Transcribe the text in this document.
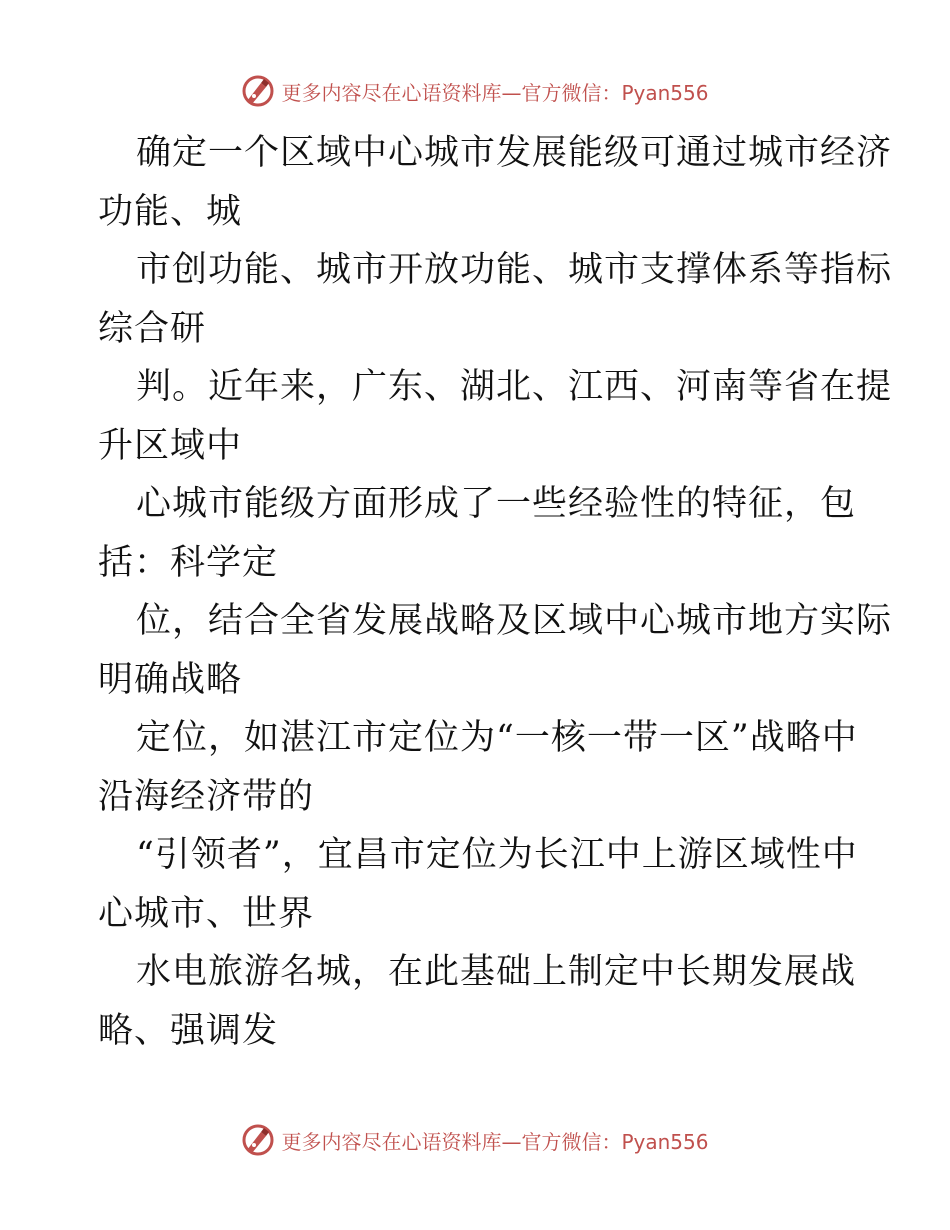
更多内容尽在心语资料库—官方微信：Pyan556
确定一个区域中心城市发展能级可通过城市经济
功能、城
市创功能、城市开放功能、城市支撑体系等指标
综合研
判。近年来，广东、湖北、江西、河南等省在提
升区域中
心城市能级方面形成了一些经验性的特征，包
括：科学定
位，结合全省发展战略及区域中心城市地方实际
明确战略
定位，如湛江市定位为“一核一带一区”战略中
沿海经济带的
“引领者”，宜昌市定位为长江中上游区域性中
心城市、世界
水电旅游名城，在此基础上制定中长期发展战
略、强调发
更多内容尽在心语资料库—官方微信：Pyan556
